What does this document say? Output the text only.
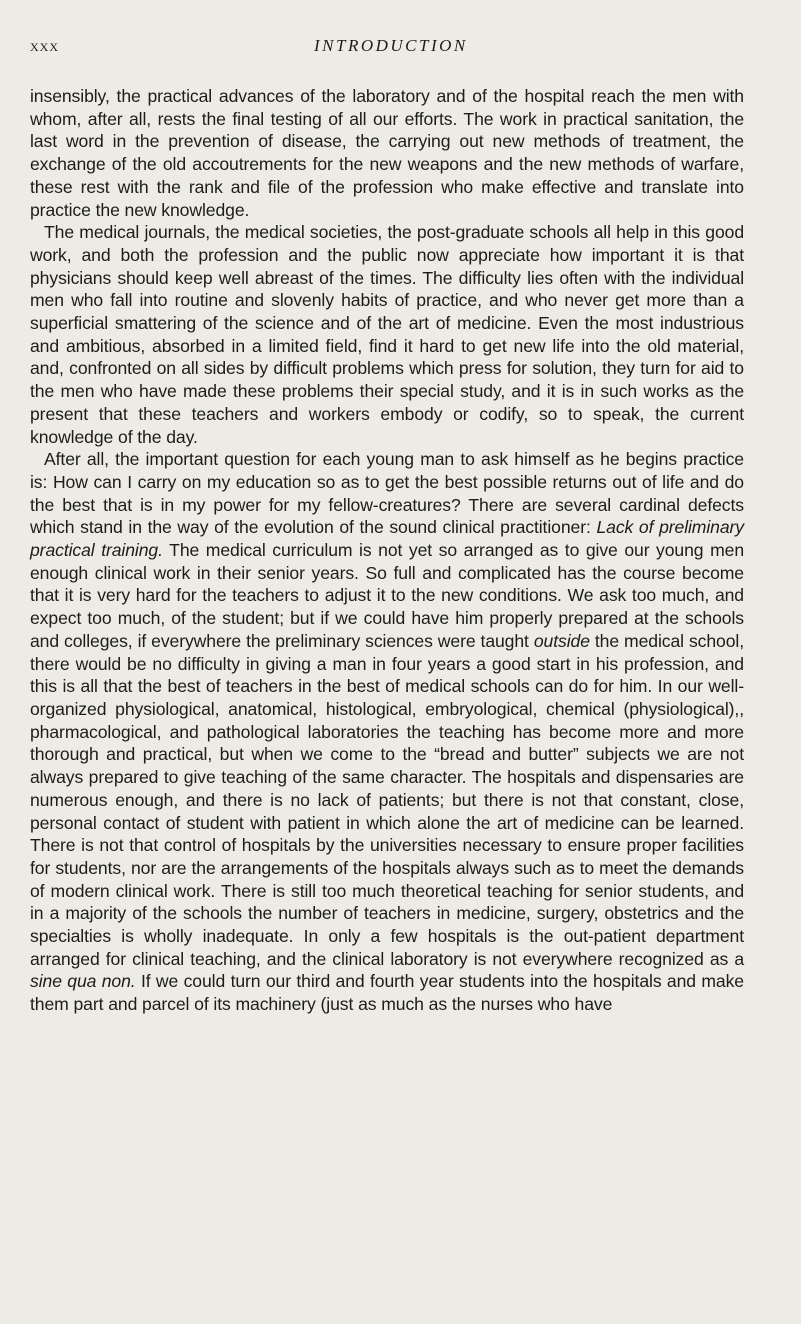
xxx	INTRODUCTION

insensibly, the practical advances of the laboratory and of the hospital reach the men with whom, after all, rests the final testing of all our efforts. The work in practical sanitation, the last word in the prevention of disease, the carrying out new methods of treatment, the exchange of the old accoutrements for the new weapons and the new methods of warfare, these rest with the rank and file of the profession who make effective and translate into practice the new knowledge.

The medical journals, the medical societies, the post-graduate schools all help in this good work, and both the profession and the public now appreciate how important it is that physicians should keep well abreast of the times. The difficulty lies often with the individual men who fall into routine and slovenly habits of practice, and who never get more than a superficial smattering of the science and of the art of medicine. Even the most industrious and ambitious, absorbed in a limited field, find it hard to get new life into the old material, and, confronted on all sides by difficult problems which press for solution, they turn for aid to the men who have made these problems their special study, and it is in such works as the present that these teachers and workers embody or codify, so to speak, the current knowledge of the day.

After all, the important question for each young man to ask himself as he begins practice is: How can I carry on my education so as to get the best possible returns out of life and do the best that is in my power for my fellow-creatures? There are several cardinal defects which stand in the way of the evolution of the sound clinical practitioner: Lack of preliminary practical training. The medical curriculum is not yet so arranged as to give our young men enough clinical work in their senior years. So full and complicated has the course become that it is very hard for the teachers to adjust it to the new conditions. We ask too much, and expect too much, of the student; but if we could have him properly prepared at the schools and colleges, if everywhere the preliminary sciences were taught outside the medical school, there would be no difficulty in giving a man in four years a good start in his profession, and this is all that the best of teachers in the best of medical schools can do for him. In our well-organized physiological, anatomical, histological, embryological, chemical (physiological),, pharmacological, and pathological laboratories the teaching has become more and more thorough and practical, but when we come to the “bread and butter” subjects we are not always prepared to give teaching of the same character. The hospitals and dispensaries are numerous enough, and there is no lack of patients; but there is not that constant, close, personal contact of student with patient in which alone the art of medicine can be learned. There is not that control of hospitals by the universities necessary to ensure proper facilities for students, nor are the arrangements of the hospitals always such as to meet the demands of modern clinical work. There is still too much theoretical teaching for senior students, and in a majority of the schools the number of teachers in medicine, surgery, obstetrics and the specialties is wholly inadequate. In only a few hospitals is the out-patient department arranged for clinical teaching, and the clinical laboratory is not everywhere recognized as a sine qua non. If we could turn our third and fourth year students into the hospitals and make them part and parcel of its machinery (just as much as the nurses who have
